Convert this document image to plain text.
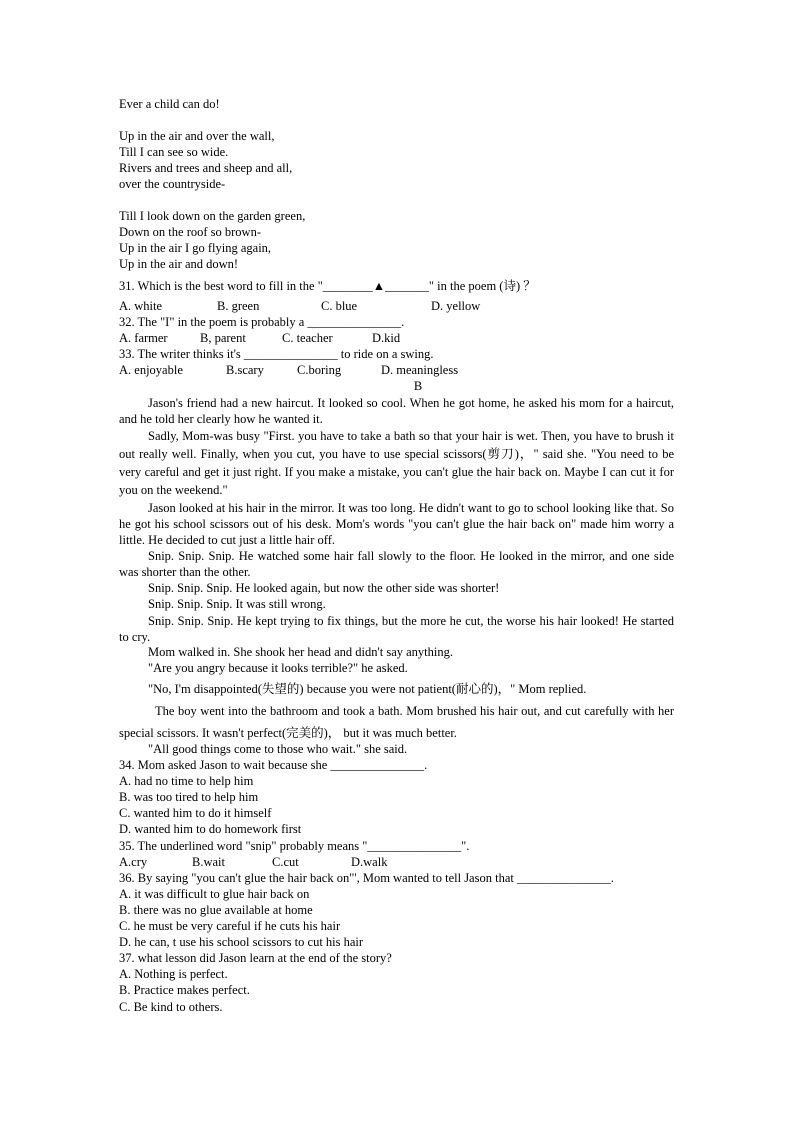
Ever a child can do!
Up in the air and over the wall,
Till I can see so wide.
Rivers and trees and sheep and all,
over the countryside-
Till I look down on the garden green,
Down on the roof so brown-
Up in the air I go flying again,
Up in the air and down!
31. Which is the best word to fill in the "________▲_______" in the poem (诗) ？
A. white	B. green	C. blue	D. yellow
32. The "I" in the poem is probably a _______________.
A. farmer	B, parent	C. teacher	D.kid
33. The writer thinks it's _______________ to ride on a swing.
A. enjoyable	B.scary	C.boring	D. meaningless
B
Jason's friend had a new haircut. It looked so cool. When he got home, he asked his mom for a haircut, and he told her clearly how he wanted it.
Sadly, Mom-was busy "First. you have to take a bath so that your hair is wet. Then, you have to brush it out really well. Finally, when you cut, you have to use special scissors(剪刀)，" said she. "You need to be very careful and get it just right. If you make a mistake, you can't glue the hair back on. Maybe I can cut it for you on the weekend."
Jason looked at his hair in the mirror. It was too long. He didn't want to go to school looking like that. So he got his school scissors out of his desk. Mom's words "you can't glue the hair back on" made him worry a little. He decided to cut just a little hair off.
Snip. Snip. Snip. He watched some hair fall slowly to the floor. He looked in the mirror, and one side was shorter than the other.
Snip. Snip. Snip. He looked again, but now the other side was shorter!
Snip. Snip. Snip. It was still wrong.
Snip. Snip. Snip. He kept trying to fix things, but the more he cut, the worse his hair looked! He started to cry.
Mom walked in. She shook her head and didn't say anything.
"Are you angry because it looks terrible?" he asked.
"No, I'm disappointed(失望的) because you were not patient(耐心的)，" Mom replied.
The boy went into the bathroom and took a bath. Mom brushed his hair out, and cut carefully with her special scissors. It wasn't perfect(完美的)， but it was much better.
"All good things come to those who wait." she said.
34. Mom asked Jason to wait because she _______________.
A. had no time to help him
B. was too tired to help him
C. wanted him to do it himself
D. wanted him to do homework first
35. The underlined word "snip" probably means "_______________".
A.cry	B.wait	C.cut	D.walk
36. By saying "you can't glue the hair back on"', Mom wanted to tell Jason that _______________.
A. it was difficult to glue hair back on
B. there was no glue available at home
C. he must be very careful if he cuts his hair
D. he can, t use his school scissors to cut his hair
37. what lesson did Jason learn at the end of the story?
A. Nothing is perfect.
B. Practice makes perfect.
C. Be kind to others.
